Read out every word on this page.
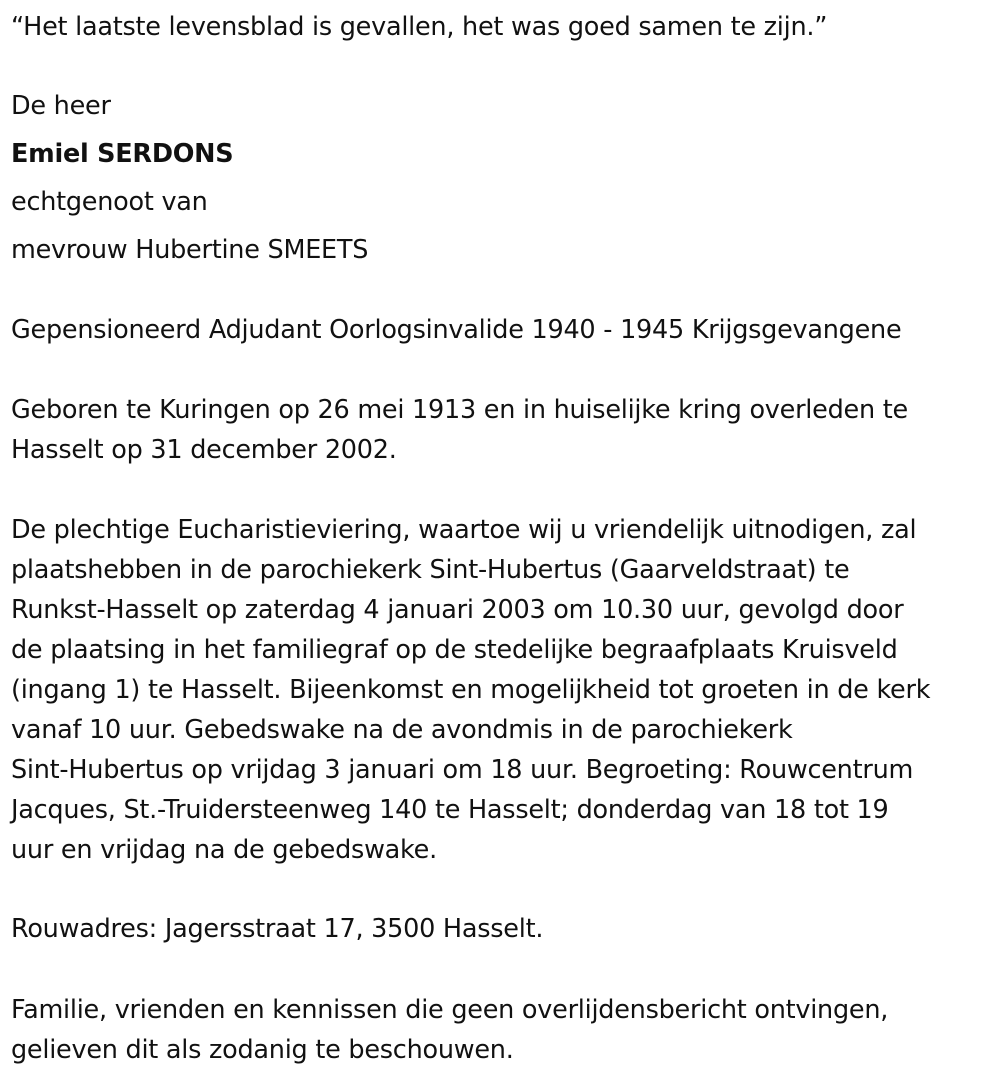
“Het laatste levensblad is gevallen, het was goed samen te zijn.”
De heer
Emiel SERDONS
echtgenoot van
mevrouw Hubertine SMEETS
Gepensioneerd Adjudant Oorlogsinvalide 1940 - 1945 Krijgsgevangene
Geboren te Kuringen op 26 mei 1913 en in huiselijke kring overleden te
Hasselt op 31 december 2002.
De plechtige Eucharistieviering, waartoe wij u vriendelijk uitnodigen, zal
plaatshebben in de parochiekerk Sint-Hubertus (Gaarveldstraat) te
Runkst-Hasselt op zaterdag 4 januari 2003 om 10.30 uur, gevolgd door
de plaatsing in het familiegraf op de stedelijke begraafplaats Kruisveld
(ingang 1) te Hasselt. Bijeenkomst en mogelijkheid tot groeten in de kerk
vanaf 10 uur. Gebedswake na de avondmis in de parochiekerk
Sint-Hubertus op vrijdag 3 januari om 18 uur. Begroeting: Rouwcentrum
Jacques, St.-Truidersteenweg 140 te Hasselt; donderdag van 18 tot 19
uur en vrijdag na de gebedswake.
Rouwadres: Jagersstraat 17, 3500 Hasselt.
Familie, vrienden en kennissen die geen overlijdensbericht ontvingen,
gelieven dit als zodanig te beschouwen.
